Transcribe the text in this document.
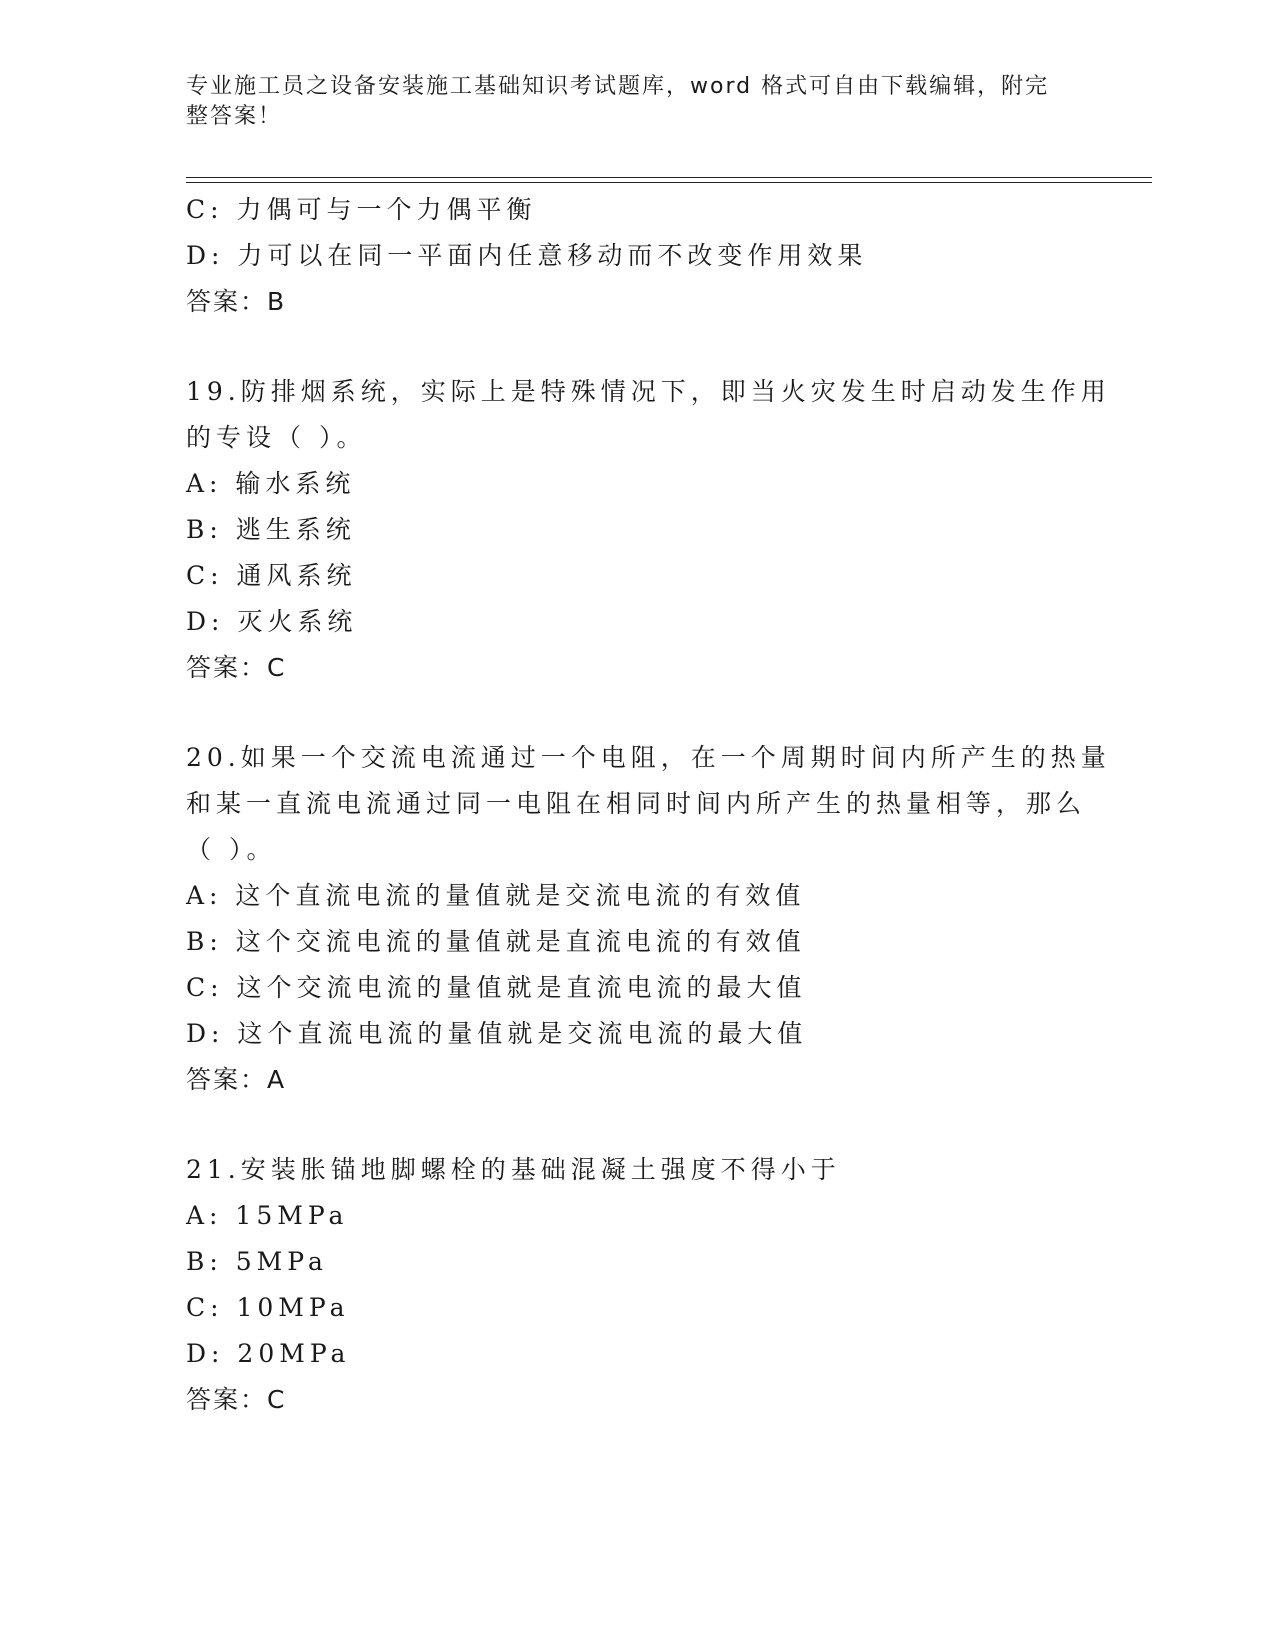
专业施工员之设备安装施工基础知识考试题库，word 格式可自由下载编辑，附完
整答案！
C: 力偶可与一个力偶平衡
D: 力可以在同一平面内任意移动而不改变作用效果
答案：B
19.防排烟系统，实际上是特殊情况下，即当火灾发生时启动发生作用
的专设（ ）。
A: 输水系统
B: 逃生系统
C: 通风系统
D: 灭火系统
答案：C
20.如果一个交流电流通过一个电阻，在一个周期时间内所产生的热量
和某一直流电流通过同一电阻在相同时间内所产生的热量相等，那么
（ ）。
A: 这个直流电流的量值就是交流电流的有效值
B: 这个交流电流的量值就是直流电流的有效值
C: 这个交流电流的量值就是直流电流的最大值
D: 这个直流电流的量值就是交流电流的最大值
答案：A
21.安装胀锚地脚螺栓的基础混凝土强度不得小于
A: 15MPa
B: 5MPa
C: 10MPa
D: 20MPa
答案：C
